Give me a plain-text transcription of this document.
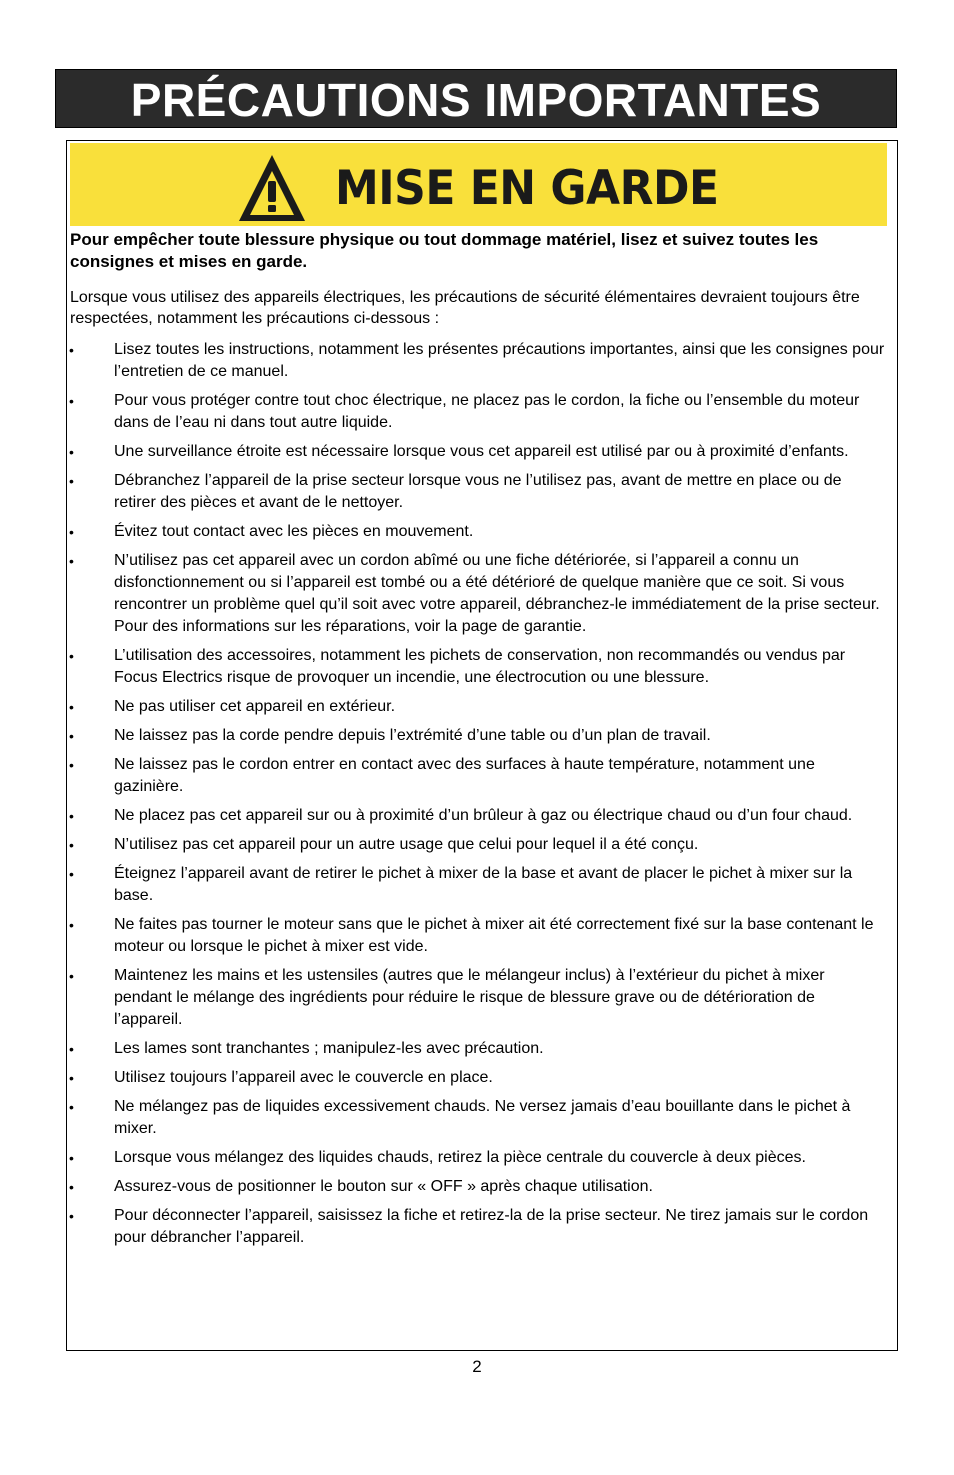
PRÉCAUTIONS IMPORTANTES
MISE EN GARDE
Pour empêcher toute blessure physique ou tout dommage matériel, lisez et suivez toutes les consignes et mises en garde.
Lorsque vous utilisez des appareils électriques, les précautions de sécurité élémentaires devraient toujours être respectées, notamment les précautions ci-dessous :
•	Lisez toutes les instructions, notamment les présentes précautions importantes, ainsi que les consignes pour l’entretien de ce manuel.
•	Pour vous protéger contre tout choc électrique, ne placez pas le cordon, la fiche ou l’ensemble du moteur dans de l’eau ni dans tout autre liquide.
•	Une surveillance étroite est nécessaire lorsque vous cet appareil est utilisé par ou à proximité d’enfants.
•	Débranchez l’appareil de la prise secteur lorsque vous ne l’utilisez pas, avant de mettre en place ou de retirer des pièces et avant de le nettoyer.
•	Évitez tout contact avec les pièces en mouvement.
•	N’utilisez pas cet appareil avec un cordon abîmé ou une fiche détériorée, si l’appareil a connu un disfonctionnement ou si l’appareil est tombé ou a été détérioré de quelque manière que ce soit. Si vous rencontrer un problème quel qu’il soit avec votre appareil, débranchez-le immédiatement de la prise secteur. Pour des informations sur les réparations, voir la page de garantie.
•	L’utilisation des accessoires, notamment les pichets de conservation, non recommandés ou vendus par Focus Electrics risque de provoquer un incendie, une électrocution ou une blessure.
•	Ne pas utiliser cet appareil en extérieur.
•	Ne laissez pas la corde pendre depuis l’extrémité d’une table ou d’un plan de travail.
•	Ne laissez pas le cordon entrer en contact avec des surfaces à haute température, notamment une gazinière.
•	Ne placez pas cet appareil sur ou à proximité d’un brûleur à gaz ou électrique chaud ou d’un four chaud.
•	N’utilisez pas cet appareil pour un autre usage que celui pour lequel il a été conçu.
•	Éteignez l’appareil avant de retirer le pichet à mixer de la base et avant de placer le pichet à mixer sur la base.
•	Ne faites pas tourner le moteur sans que le pichet à mixer ait été correctement fixé sur la base contenant le moteur ou lorsque le pichet à mixer est vide.
•	Maintenez les mains et les ustensiles (autres que le mélangeur inclus) à l’extérieur du pichet à mixer pendant le mélange des ingrédients pour réduire le risque de blessure grave ou de détérioration de l’appareil.
•	Les lames sont tranchantes ; manipulez-les avec précaution.
•	Utilisez toujours l’appareil avec le couvercle en place.
•	Ne mélangez pas de liquides excessivement chauds. Ne versez jamais d’eau bouillante dans le pichet à mixer.
•	Lorsque vous mélangez des liquides chauds, retirez la pièce centrale du couvercle à deux pièces.
•	Assurez-vous de positionner le bouton sur « OFF » après chaque utilisation.
•	Pour déconnecter l’appareil, saisissez la fiche et retirez-la de la prise secteur. Ne tirez jamais sur le cordon pour débrancher l’appareil.
2
